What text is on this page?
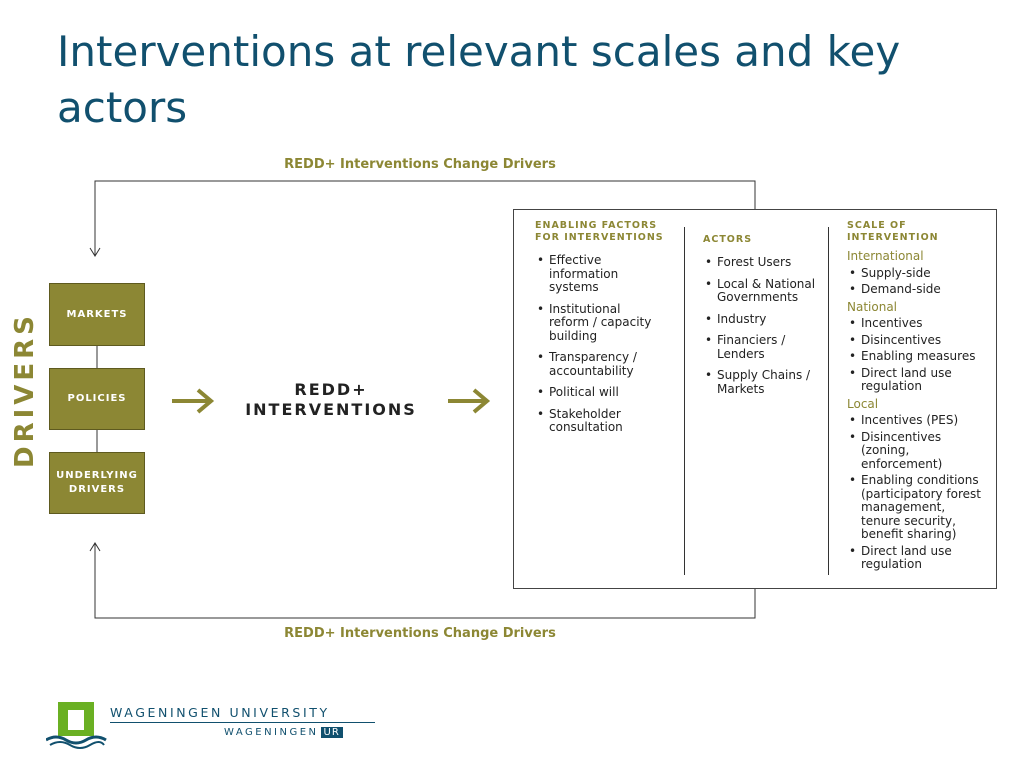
Interventions at relevant scales and key actors
REDD+ Interventions Change Drivers
REDD+ Interventions Change Drivers
DRIVERS	MARKETS
POLICIES
UNDERLYING
DRIVERS
REDD+
INTERVENTIONS
ENABLING FACTORS
FOR INTERVENTIONS
• Effective
information
systems
• Institutional
reform / capacity
building
• Transparency /
accountability
• Political will
• Stakeholder
consultation
ACTORS
• Forest Users
• Local & National
Governments
• Industry
• Financiers /
Lenders
• Supply Chains /
Markets
SCALE OF
INTERVENTION
International
• Supply-side
• Demand-side
National
• Incentives
• Disincentives
• Enabling measures
• Direct land use
regulation
Local
• Incentives (PES)
• Disincentives
(zoning,
enforcement)
• Enabling conditions
(participatory forest
management,
tenure security,
benefit sharing)
• Direct land use
regulation
WAGENINGEN UNIVERSITY
WAGENINGEN UR
